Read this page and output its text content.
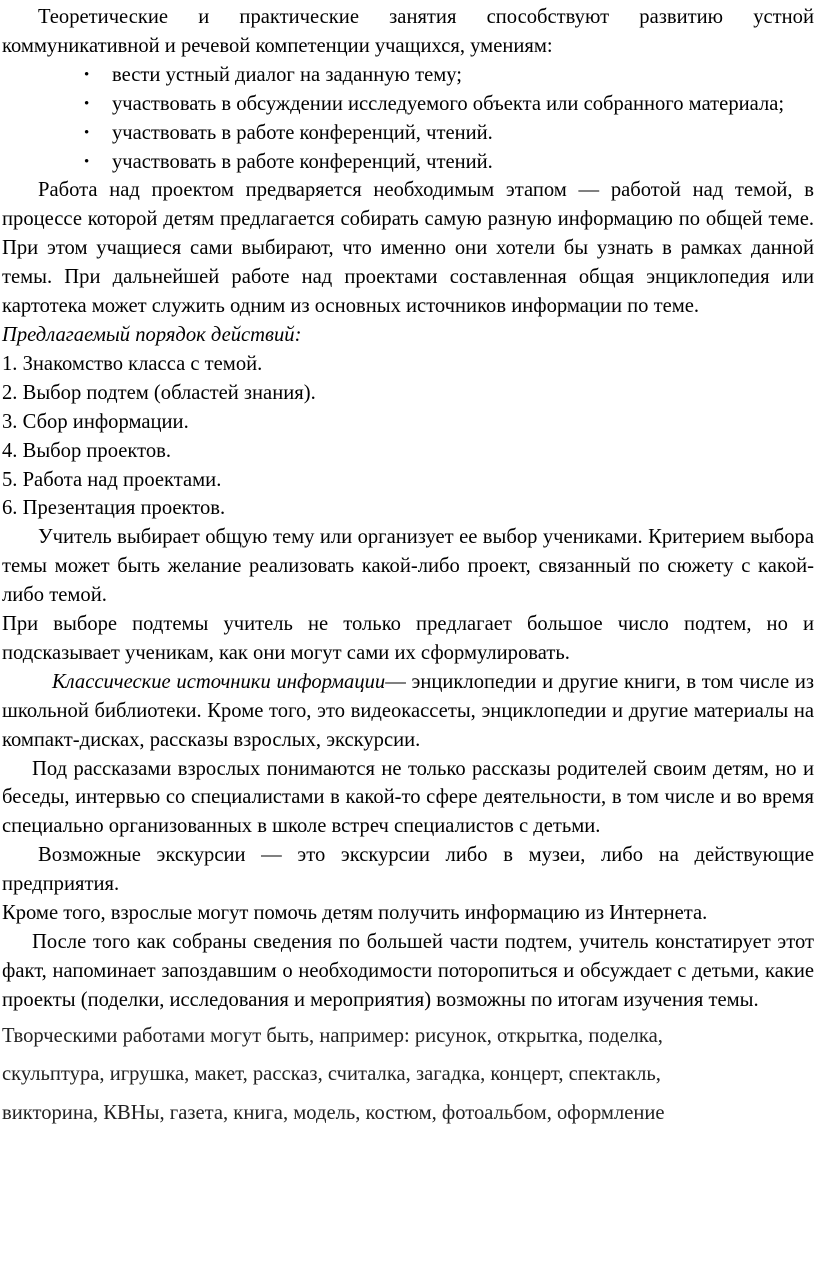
Теоретические и практические занятия способствуют развитию устной коммуникативной и речевой компетенции учащихся, умениям:

• вести устный диалог на заданную тему;
• участвовать в обсуждении исследуемого объекта или собранного материала;
• участвовать в работе конференций, чтений.
• участвовать в работе конференций, чтений.

Работа над проектом предваряется необходимым этапом — работой над темой, в процессе которой детям предлагается собирать самую разную информацию по общей теме. При этом учащиеся сами выбирают, что именно они хотели бы узнать в рамках данной темы. При дальнейшей работе над проектами составленная общая энциклопедия или картотека может служить одним из основных источников информации по теме.

Предлагаемый порядок действий:

1. Знакомство класса с темой.

2. Выбор подтем (областей знания).

3. Сбор информации.

4. Выбор проектов.

5. Работа над проектами.

6. Презентация проектов.

Учитель выбирает общую тему или организует ее выбор учениками. Критерием выбора темы может быть желание реализовать какой-либо проект, связанный по сюжету с какой-либо темой.

При выборе подтемы учитель не только предлагает большое число подтем, но и подсказывает ученикам, как они могут сами их сформулировать.

Классические источники информации— энциклопедии и другие книги, в том числе из школьной библиотеки. Кроме того, это видеокассеты, энциклопедии и другие материалы на компакт-дисках, рассказы взрослых, экскурсии.

Под рассказами взрослых понимаются не только рассказы родителей своим детям, но и беседы, интервью со специалистами в какой-то сфере деятельности, в том числе и во время специально организованных в школе встреч специалистов с детьми.

Возможные экскурсии — это экскурсии либо в музеи, либо на действующие предприятия.

Кроме того, взрослые могут помочь детям получить информацию из Интернета.

После того как собраны сведения по большей части подтем, учитель констатирует этот факт, напоминает запоздавшим о необходимости поторопиться и обсуждает с детьми, какие проекты (поделки, исследования и мероприятия) возможны по итогам изучения темы.

Творческими работами могут быть, например: рисунок, открытка, поделка,
скульптура, игрушка, макет, рассказ, считалка, загадка, концерт, спектакль,
викторина, КВНы, газета, книга, модель, костюм, фотоальбом, оформление
